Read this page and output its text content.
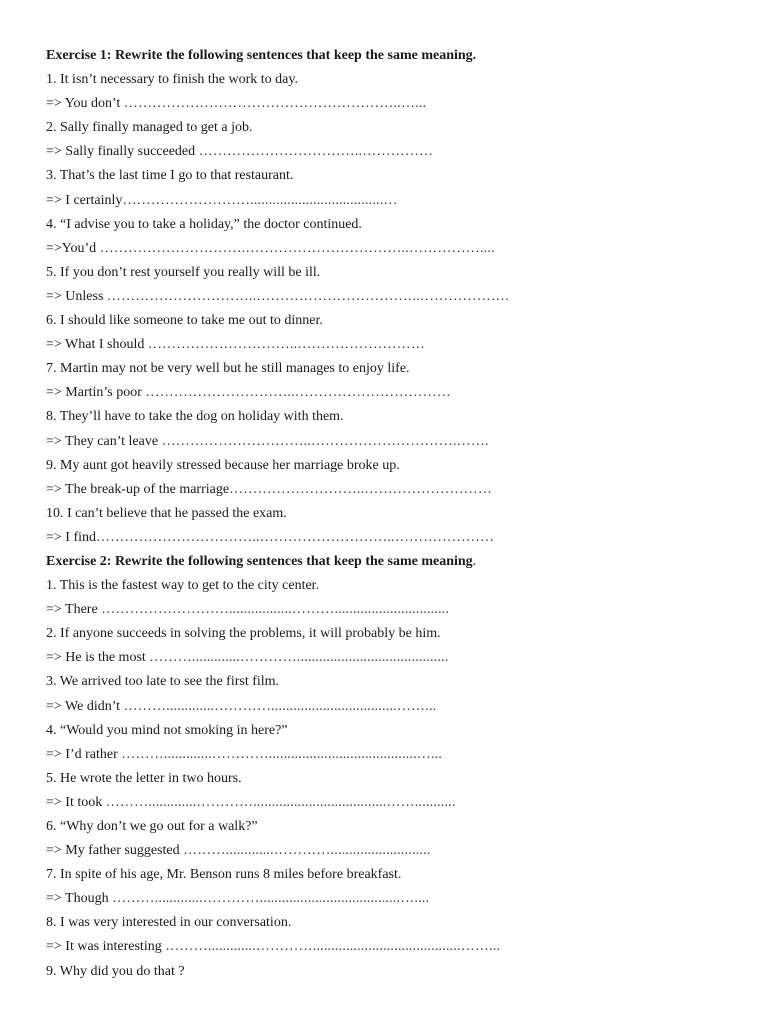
Exercise 1: Rewrite the following sentences that keep the same meaning.
1. It isn’t necessary to finish the work to day.
=> You don’t …………………………………………………..…...
2. Sally finally managed to get a job.
=> Sally finally succeeded ……………………………..……………
3. That’s the last time I go to that restaurant.
=> I certainly………………………....................................…
4. “I advise you to take a holiday,” the doctor continued.
=>You’d ………………………….……………………………..……………....
5. If you don’t rest yourself you really will be ill.
=> Unless …………………………..……………………………..……………….
6. I should like someone to take me out to dinner.
=> What I should …………………………..………………………
7. Martin may not be very well but he still manages to enjoy life.
=> Martin’s poor …………………………..……………………………
8. They’ll have to take the dog on holiday with them.
=> They can’t leave …………………………..………………………….…….
9. My aunt got heavily stressed because her marriage broke up.
=> The break-up of the marriage………………………..………………………
10. I can’t believe that he passed the exam.
=> I find……………………………..………………………..…………………
Exercise 2: Rewrite the following sentences that keep the same meaning.
1. This is the fastest way to get to the city center.
=> There ……………………….................………...............................
2. If anyone succeeds in solving the problems, it will probably be him.
=> He is the most ……….............………….........................................
3. We arrived too late to see the first film.
=> We didn’t ……….............…………..................................……...
4. “Would you mind not smoking in here?”
=> I’d rather ……….............…………........................................…...
5. He wrote the letter in two hours.
=> It took ……….............…………....................................……...........
6. “Why don’t we go out for a walk?”
=> My father suggested ……….............…………...........................
7. In spite of his age, Mr. Benson runs 8 miles before breakfast.
=> Though ……….............…………......................................…....
8. I was very interested in our conversation.
=> It was interesting ……….............…………........................................……...
9. Why did you do that ?
